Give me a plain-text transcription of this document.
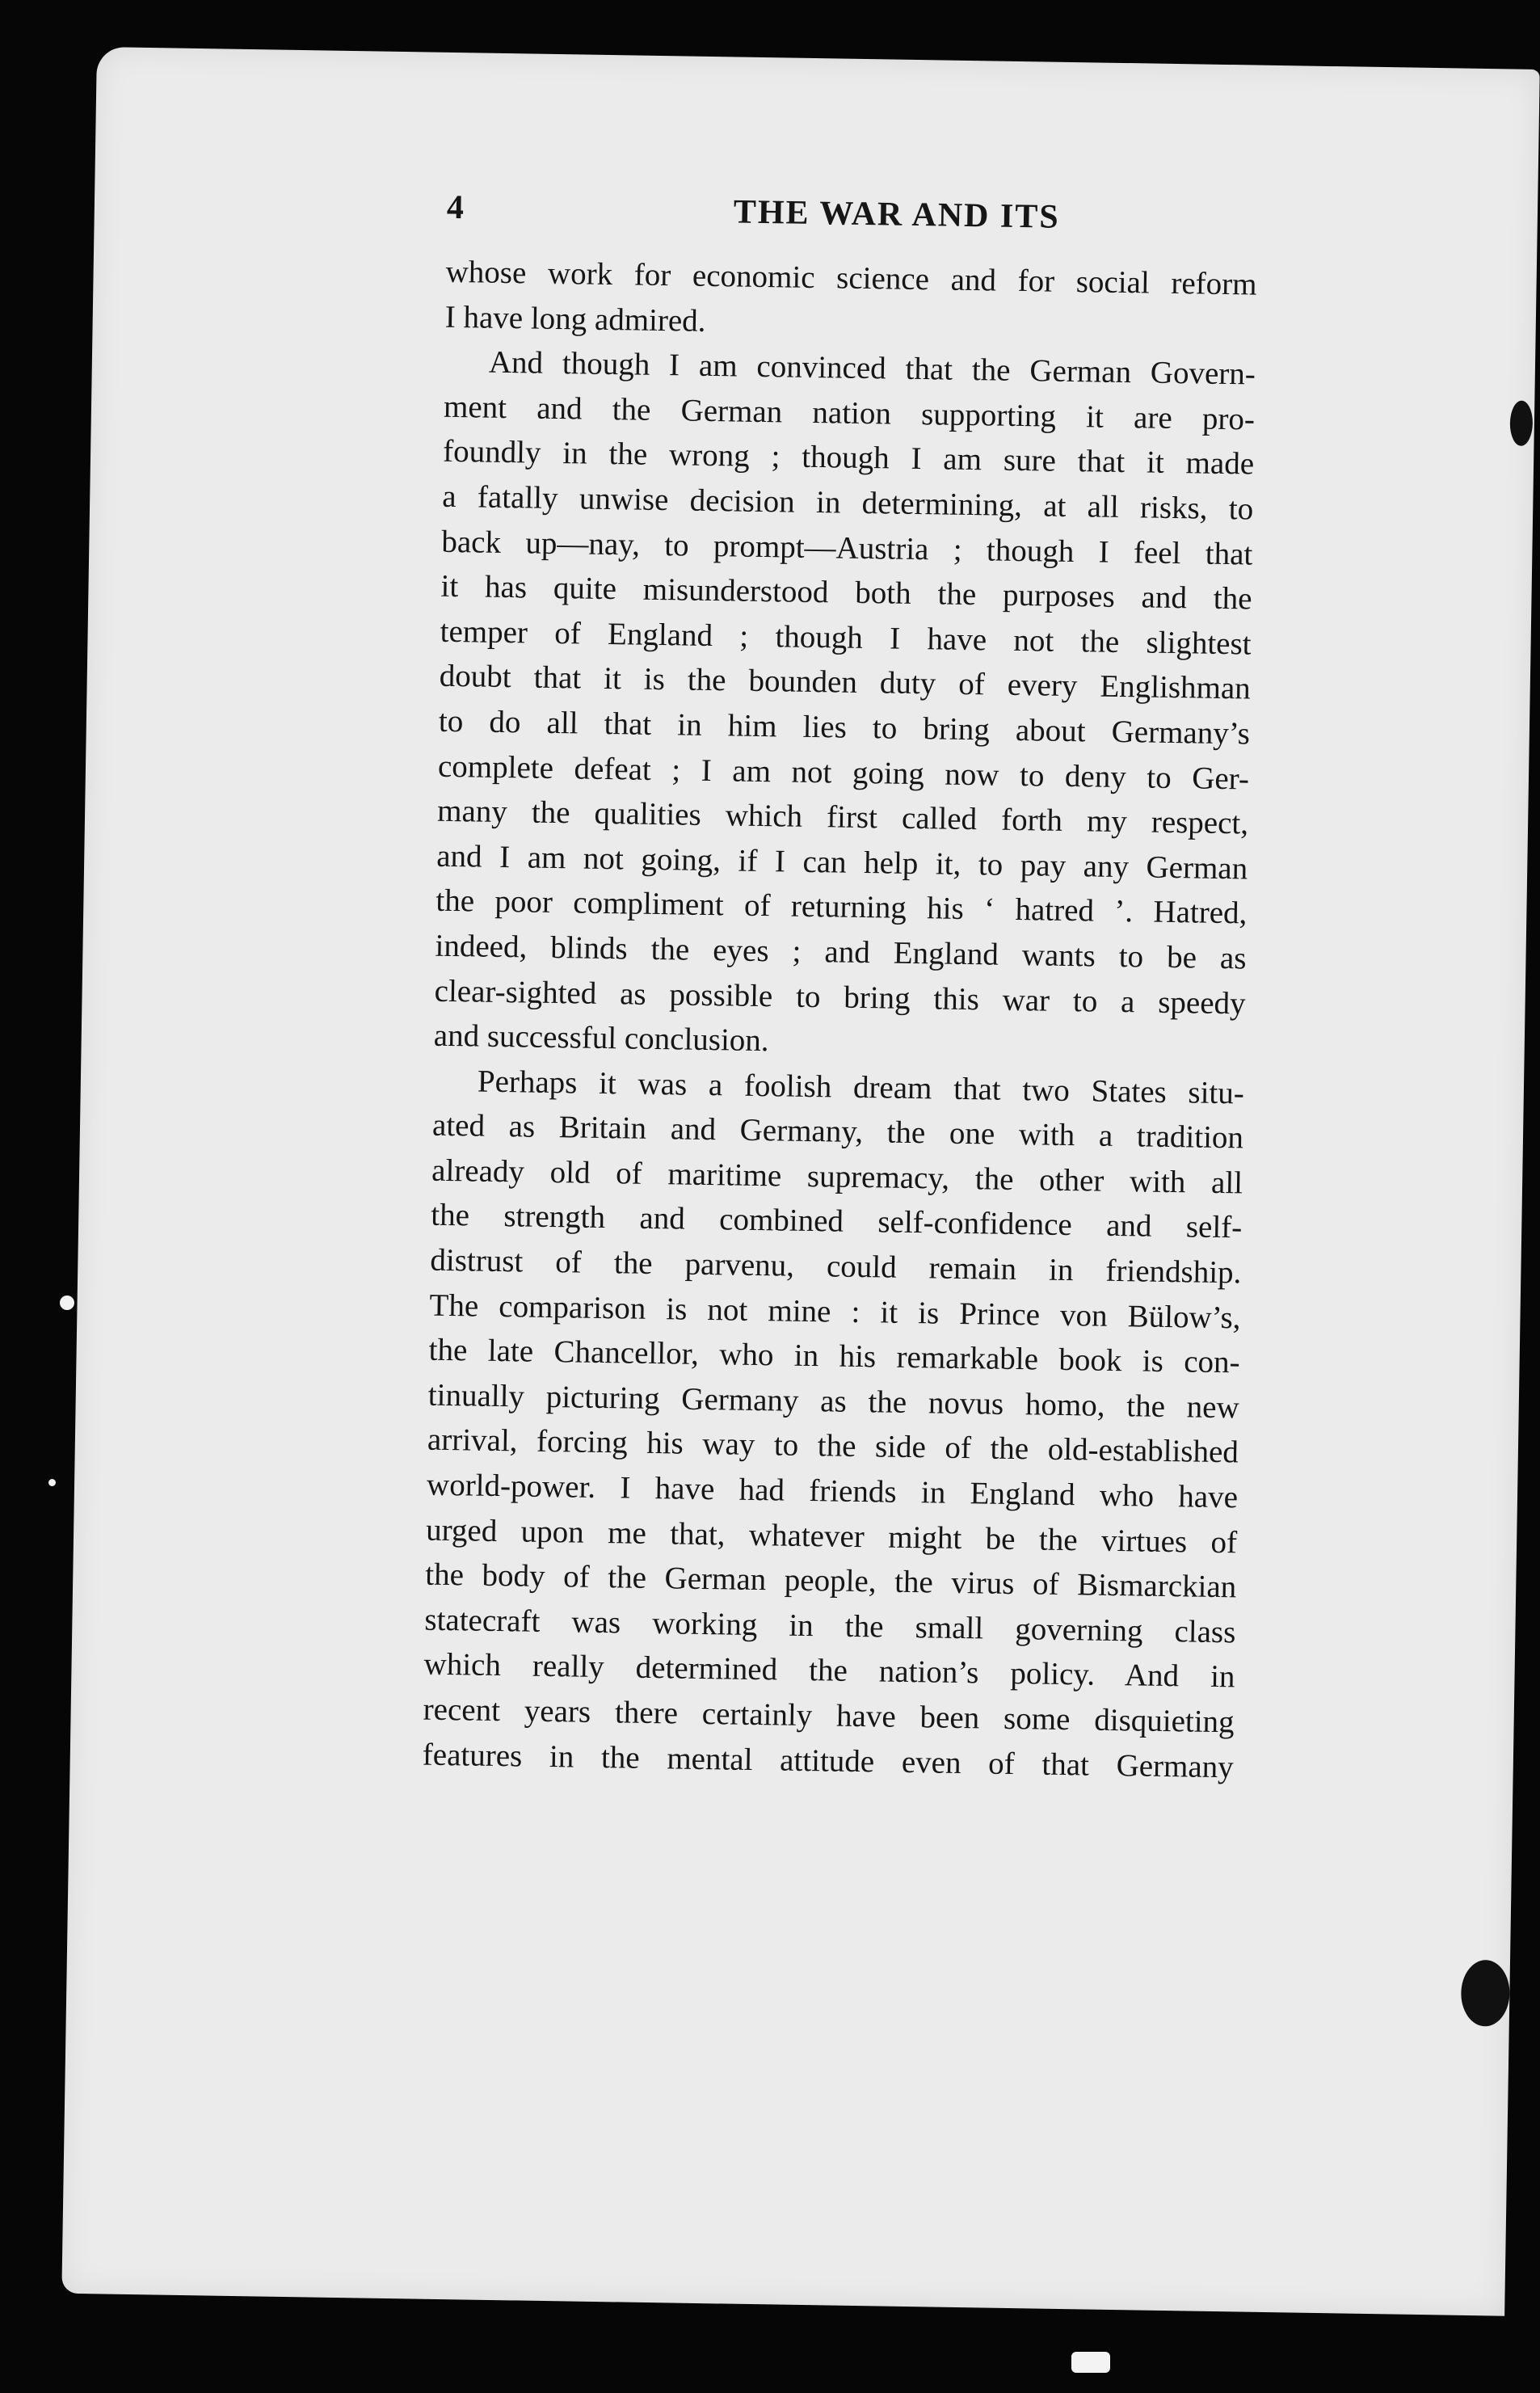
4	THE WAR AND ITS

whose work for economic science and for social reform
I have long admired.

And though I am convinced that the German Govern-
ment and the German nation supporting it are pro-
foundly in the wrong ; though I am sure that it made
a fatally unwise decision in determining, at all risks, to
back up—nay, to prompt—Austria ; though I feel that
it has quite misunderstood both the purposes and the
temper of England ; though I have not the slightest
doubt that it is the bounden duty of every Englishman
to do all that in him lies to bring about Germany’s
complete defeat ; I am not going now to deny to Ger-
many the qualities which first called forth my respect,
and I am not going, if I can help it, to pay any German
the poor compliment of returning his ‘ hatred ’. Hatred,
indeed, blinds the eyes ; and England wants to be as
clear-sighted as possible to bring this war to a speedy
and successful conclusion.

Perhaps it was a foolish dream that two States situ-
ated as Britain and Germany, the one with a tradition
already old of maritime supremacy, the other with all
the strength and combined self-confidence and self-
distrust of the parvenu, could remain in friendship.
The comparison is not mine : it is Prince von Bülow’s,
the late Chancellor, who in his remarkable book is con-
tinually picturing Germany as the novus homo, the new
arrival, forcing his way to the side of the old-established
world-power. I have had friends in England who have
urged upon me that, whatever might be the virtues of
the body of the German people, the virus of Bismarckian
statecraft was working in the small governing class
which really determined the nation’s policy. And in
recent years there certainly have been some disquieting
features in the mental attitude even of that Germany
